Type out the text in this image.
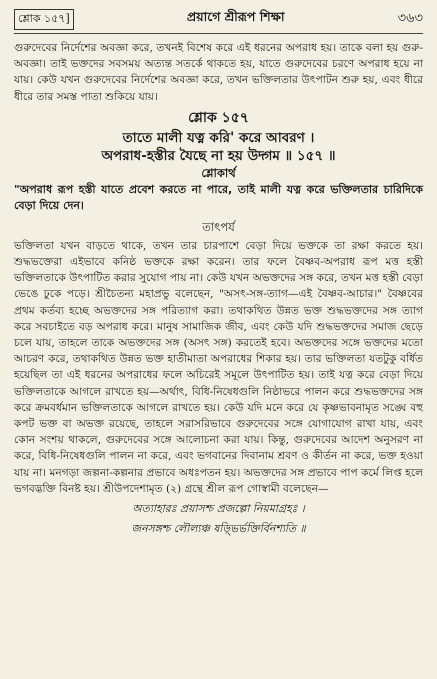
শ্লোক ১৫৭]	প্রয়াগে শ্রীরূপ শিক্ষা	৩৬৩

গুরুদেবের নির্দেশের অবজ্ঞা করে, তখনই বিশেষ করে এই ধরনের অপরাধ হয়। তাকে বলা হয় গুরু-অবজ্ঞা। তাই ভক্তদের সবসময় অত্যন্ত সতর্কে থাকতে হয়, যাতে গুরুদেবের চরণে অপরাধ হয়ে না যায়। কেউ যখন গুরুদেবের নির্দেশের অবজ্ঞা করে, তখন ভক্তিলতার উৎপাটন শুরু হয়, এবং ধীরে ধীরে তার সমস্ত পাতা শুকিয়ে যায়।

শ্লোক ১৫৭
তাতে মালী যত্ন করি' করে আবরণ ।
অপরাধ-হস্তীর যৈছে না হয় উদ্গম ॥ ১৫৭ ॥
শ্লোকার্থ

"অপরাধ রূপ হস্তী যাতে প্রবেশ করতে না পারে, তাই মালী যত্ন করে ভক্তিলতার চারিদিকে বেড়া দিয়ে দেন।

তাৎপর্য

ভক্তিলতা যখন বাড়তে থাকে, তখন তার চারপাশে বেড়া দিয়ে ভক্তকে তা রক্ষা করতে হয়। শুদ্ধভক্তেরা এইভাবে কনিষ্ঠ ভক্তকে রক্ষা করেন। তার ফলে বৈষ্ণব-অপরাধ রূপ মত্ত হস্তী ভক্তিলতাকে উৎপাটিত করার সুযোগ পায় না। কেউ যখন অভক্তদের সঙ্গ করে, তখন মত্ত হস্তী বেড়া ভেঙে ঢুকে পড়ে। শ্রীচৈতন্য মহাপ্রভু বলেছেন, "অসৎ-সঙ্গ-ত্যাগ—এই বৈষ্ণব-আচার।" বৈষ্ণবের প্রথম কর্তব্য হচ্ছে অভক্তদের সঙ্গ পরিত্যাগ করা। তথাকথিত উন্নত ভক্ত শুদ্ধভক্তদের সঙ্গ ত্যাগ করে সবচাইতে বড় অপরাধ করে। মানুষ সামাজিক জীব, এবং কেউ যদি শুদ্ধভক্তদের সমাজ ছেড়ে চলে যায়, তাহলে তাকে অভক্তদের সঙ্গ (অসৎ সঙ্গ) করতেই হবে। অভক্তদের সঙ্গে ভক্তদের মতো আচরণ করে, তথাকথিত উন্নত ভক্ত হাতীমাতা অপরাধের শিকার হয়। তার ভক্তিলতা যতটুকু বর্ধিত হয়েছিল তা এই ধরনের অপরাধের ফলে অচিরেই সমূলে উৎপাটিত হয়। তাই যত্ন করে বেড়া দিয়ে ভক্তিলতাকে আগলে রাখতে হয়—অর্থাৎ, বিধি-নিষেধগুলি নিষ্ঠাভরে পালন করে শুদ্ধভক্তদের সঙ্গ করে ক্রমবর্ধমান ভক্তিলতাকে আগলে রাখতে হয়। কেউ যদি মনে করে যে কৃষ্ণভাবনামৃত সঙ্ঘে বহু কপট ভক্ত বা অভক্ত রয়েছে, তাহলে সরাসরিভাবে গুরুদেবের সঙ্গে যোগাযোগ রাখা যায়, এবং কোন সংশয় থাকলে, গুরুদেবের সঙ্গে আলোচনা করা যায়। কিন্তু, গুরুদেবের আদেশ অনুসরণ না করে, বিধি-নিষেধগুলি পালন না করে, এবং ভগবানের দিবানাম শ্রবণ ও কীর্তন না করে, ভক্ত হওয়া যায় না। মনগড়া জল্পনা-কল্পনার প্রভাবে অধঃপতন হয়। অভক্তদের সঙ্গ প্রভাবে পাপ কর্মে লিপ্ত হলে ভগবদ্ভক্তি বিনষ্ট হয়। শ্রীউপদেশামৃত (২) গ্রন্থে শ্রীল রূপ গোস্বামী বলেছেন—

অত্যাহারঃ প্রয়াসশ্চ প্রজল্পো নিয়মাগ্রহঃ ।
জনসঙ্গশ্চ লৌল্যঞ্চ ষড়্ভির্ভক্তির্বিনশ্যতি ॥
